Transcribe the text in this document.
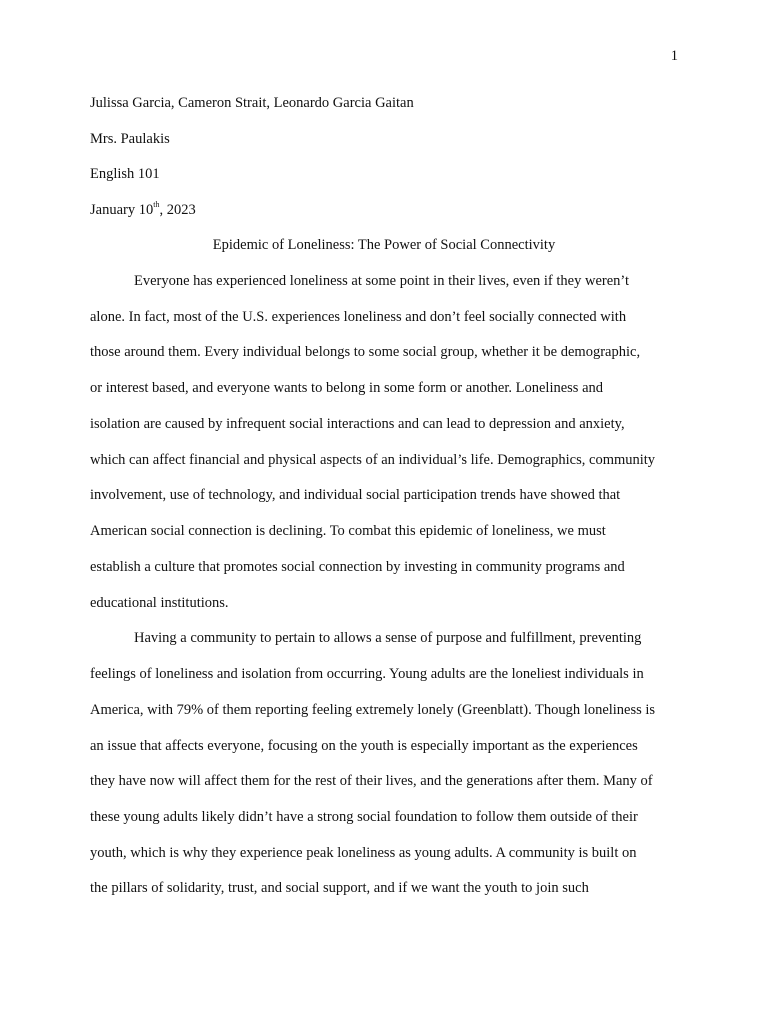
1
Julissa Garcia, Cameron Strait, Leonardo Garcia Gaitan
Mrs. Paulakis
English 101
January 10th, 2023
Epidemic of Loneliness: The Power of Social Connectivity
Everyone has experienced loneliness at some point in their lives, even if they weren’t
alone. In fact, most of the U.S. experiences loneliness and don’t feel socially connected with
those around them. Every individual belongs to some social group, whether it be demographic,
or interest based, and everyone wants to belong in some form or another. Loneliness and
isolation are caused by infrequent social interactions and can lead to depression and anxiety,
which can affect financial and physical aspects of an individual’s life. Demographics, community
involvement, use of technology, and individual social participation trends have showed that
American social connection is declining. To combat this epidemic of loneliness, we must
establish a culture that promotes social connection by investing in community programs and
educational institutions.
Having a community to pertain to allows a sense of purpose and fulfillment, preventing
feelings of loneliness and isolation from occurring. Young adults are the loneliest individuals in
America, with 79% of them reporting feeling extremely lonely (Greenblatt). Though loneliness is
an issue that affects everyone, focusing on the youth is especially important as the experiences
they have now will affect them for the rest of their lives, and the generations after them. Many of
these young adults likely didn’t have a strong social foundation to follow them outside of their
youth, which is why they experience peak loneliness as young adults. A community is built on
the pillars of solidarity, trust, and social support, and if we want the youth to join such
